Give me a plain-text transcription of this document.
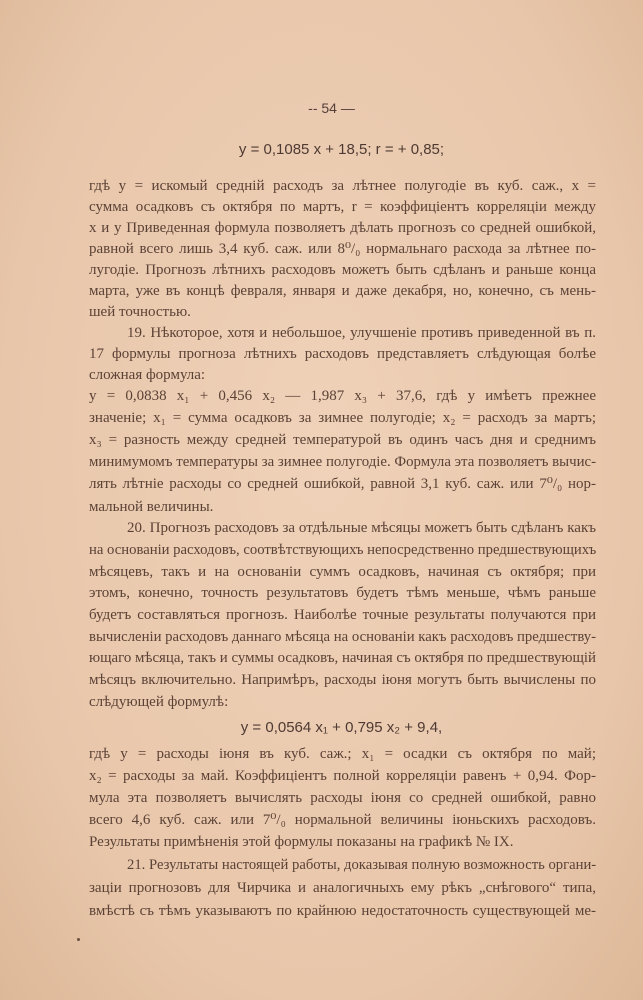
-- 54 —
y = 0,1085 x + 18,5; r = + 0,85;
гдѣ y = искомый среднiй расходъ за лѣтнее полугодіе въ куб. саж., x =
сумма осадковъ съ октября по мартъ, r = коэффиціентъ корреляціи между
x и y Приведенная формула позволяетъ дѣлать прогнозъ со средней ошибкой,
равной всего лишь 3,4 куб. саж. или 8⁰/₀ нормальнаго расхода за лѣтнее по-
лугодіе. Прогнозъ лѣтнихъ расходовъ можетъ быть сдѣланъ и раньше конца
марта, уже въ концѣ февраля, января и даже декабря, но, конечно, съ мень-
шей точностью.
19. Нѣкоторое, хотя и небольшое, улучшеніе противъ приведенной въ п.
17 формулы прогноза лѣтнихъ расходовъ представляетъ слѣдующая болѣе
сложная формула:
y = 0,0838 x₁ + 0,456 x₂ — 1,987 x₃ + 37,6, гдѣ y имѣетъ прежнее
значеніе; x₁ = сумма осадковъ за зимнее полугодіе; x₂ = расходъ за мартъ;
x₃ = разность между средней температурой въ одинъ часъ дня и среднимъ
минимумомъ температуры за зимнее полугодіе. Формула эта позволяетъ вычис-
лять лѣтніе расходы со средней ошибкой, равной 3,1 куб. саж. или 7⁰/₀ нор-
мальной величины.
20. Прогнозъ расходовъ за отдѣльные мѣсяцы можетъ быть сдѣланъ какъ
на основаніи расходовъ, соотвѣтствующихъ непосредственно предшествующихъ
мѣсяцевъ, такъ и на основаніи суммъ осадковъ, начиная съ октября; при
этомъ, конечно, точность результатовъ будетъ тѣмъ меньше, чѣмъ раньше
будетъ составляться прогнозъ. Наиболѣе точные результаты получаются при
вычисленіи расходовъ даннаго мѣсяца на основаніи какъ расходовъ предшеству-
ющаго мѣсяца, такъ и суммы осадковъ, начиная съ октября по предшествующій
мѣсяцъ включительно. Напримѣръ, расходы іюня могутъ быть вычислены по
слѣдующей формулѣ:
y = 0,0564 x₁ + 0,795 x₂ + 9,4,
гдѣ y = расходы іюня въ куб. саж.; x₁ = осадки съ октября по май;
x₂ = расходы за май. Коэффиціентъ полной корреляціи равенъ + 0,94. Фор-
мула эта позволяетъ вычислять расходы іюня со средней ошибкой, равно
всего 4,6 куб. саж. или 7⁰/₀ нормальной величины іюньскихъ расходовъ.
Результаты примѣненія этой формулы показаны на графикѣ № IX.
21. Результаты настоящей работы, доказывая полную возможность органи-
заціи прогнозовъ для Чирчика и аналогичныхъ ему рѣкъ „снѣгового“ типа,
вмѣстѣ съ тѣмъ указываютъ по крайнюю недостаточность существующей ме-
